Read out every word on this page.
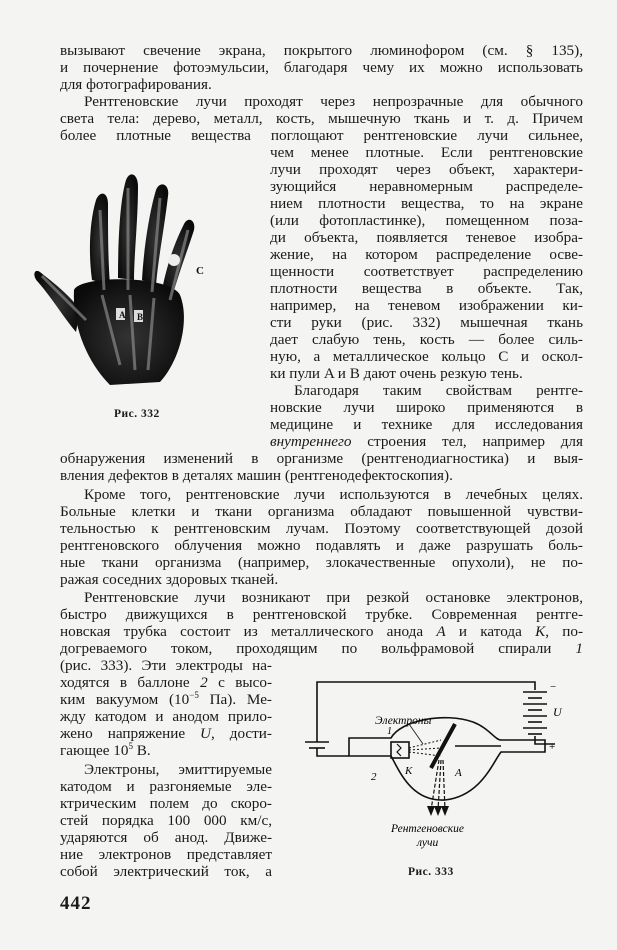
вызывают свечение экрана, покрытого люминофором (см. § 135),
и почернение фотоэмульсии, благодаря чему их можно использовать
для фотографирования.
Рентгеновские лучи проходят через непрозрачные для обычного
света тела: дерево, металл, кость, мышечную ткань и т. д. Причем
более плотные вещества поглощают рентгеновские лучи сильнее,
чем менее плотные. Если рентгеновские
лучи проходят через объект, характери-
зующийся неравномерным распределе-
нием плотности вещества, то на экране
(или фотопластинке), помещенном поза-
ди объекта, появляется теневое изобра-
жение, на котором распределение осве-
щенности соответствует распределению
плотности вещества в объекте. Так,
например, на теневом изображении ки-
сти руки (рис. 332) мышечная ткань
дает слабую тень, кость — более силь-
ную, а металлическое кольцо C и оскол-
ки пули A и B дают очень резкую тень.
Благодаря таким свойствам рентге-
новские лучи широко применяются в
медицине и технике для исследования
внутреннего строения тел, например для
обнаружения изменений в организме (рентгенодиагностика) и выя-
вления дефектов в деталях машин (рентгенодефектоскопия).
A B
C
Рис. 332
Кроме того, рентгеновские лучи используются в лечебных целях.
Больные клетки и ткани организма обладают повышенной чувстви-
тельностью к рентгеновским лучам. Поэтому соответствующей дозой
рентгеновского облучения можно подавлять и даже разрушать боль-
ные ткани организма (например, злокачественные опухоли), не по-
ражая соседних здоровых тканей.
Рентгеновские лучи возникают при резкой остановке электронов,
быстро движущихся в рентгеновской трубке. Современная рентге-
новская трубка состоит из металлического анода A и катода K, по-
догреваемого током, проходящим по вольфрамовой спирали 1
(рис. 333). Эти электроды на-
ходятся в баллоне 2 с высо-
ким вакуумом ($10^{-5}$ Па). Ме-
жду катодом и анодом прило-
жено напряжение U, дости-
гающее $10^5$ В.
Электроны, эмиттируемые
катодом и разгоняемые эле-
ктрическим полем до скоро-
стей порядка 100 000 км/с,
ударяются об анод. Движе-
ние электронов представляет
собой электрический ток, а
Электроны
К	А
2
1
U
−
+
Рентгеновские
лучи
Рис. 333
442
